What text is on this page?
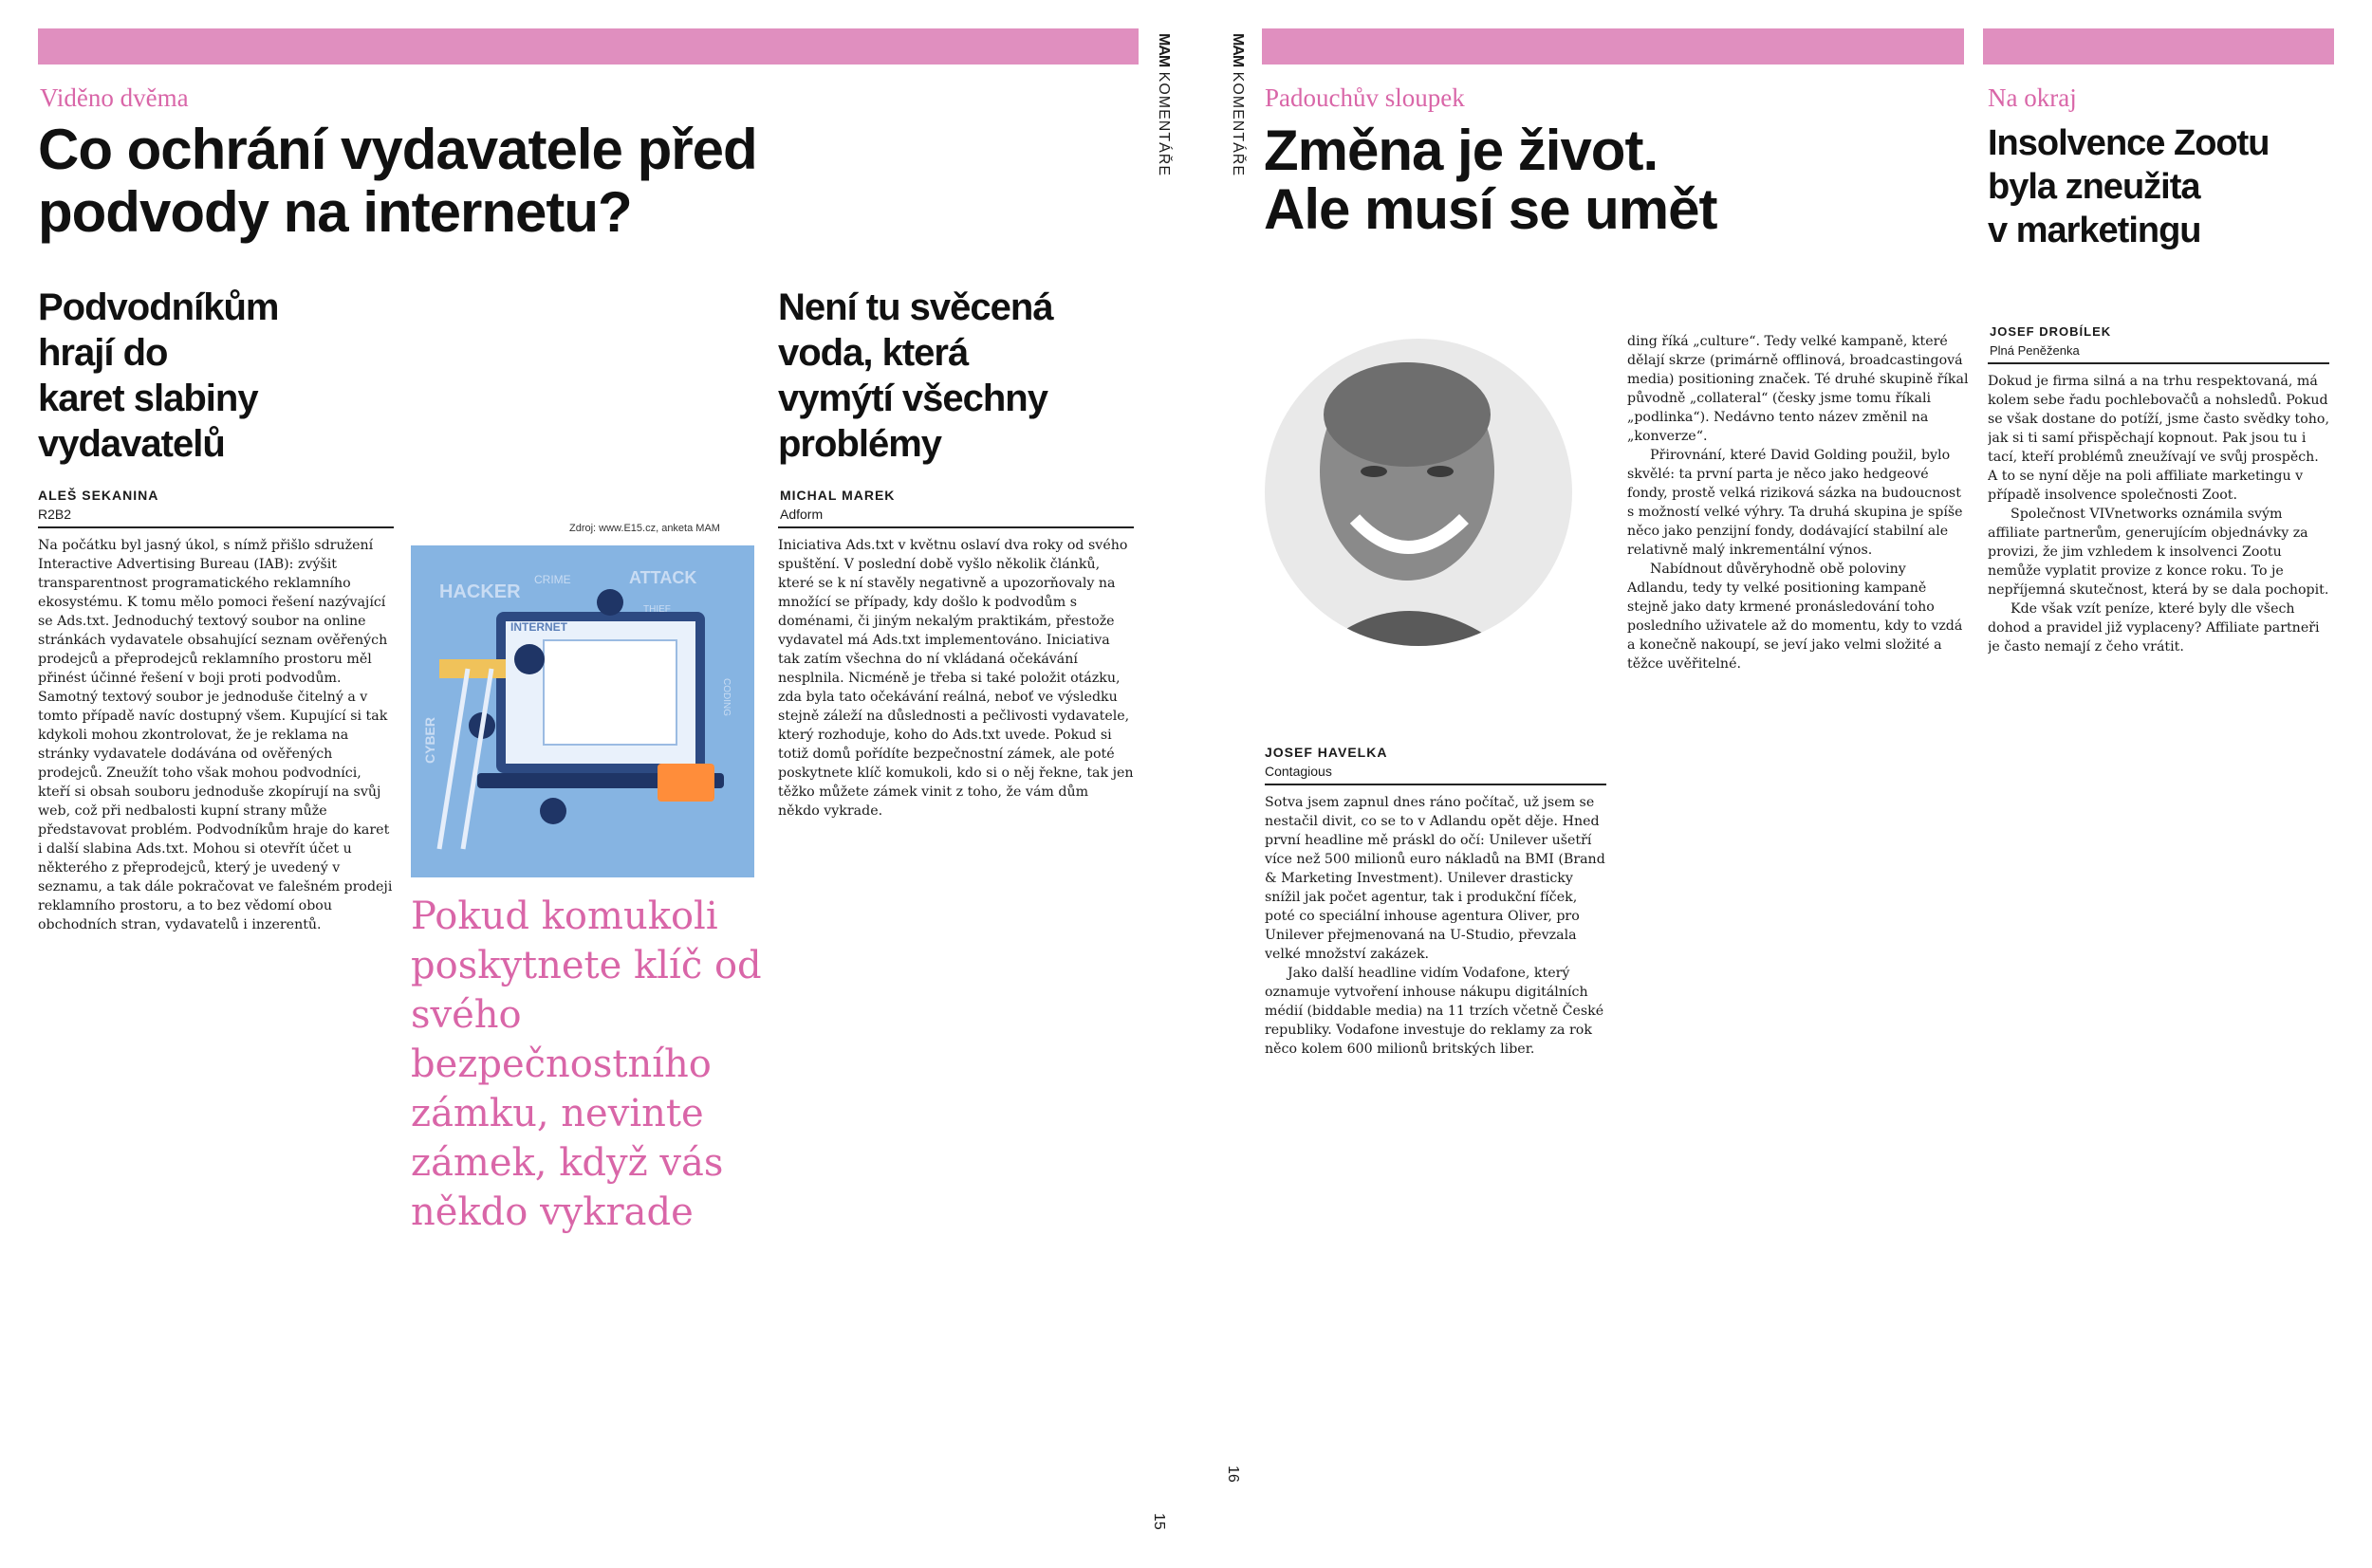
MAM KOMENTÁŘE
Viděno dvěma
Co ochrání vydavatele před
podvody na internetu?
Podvodníkům
hrají do
karet slabiny
vydavatelů
ALEŠ SEKANINA
R2B2

Na počátku byl jasný úkol, s nímž přišlo sdružení Interactive Advertising Bureau (IAB): zvýšit transparentnost programatického reklamního ekosystému. K tomu mělo pomoci řešení nazývající se Ads.txt. Jednoduchý textový soubor na online stránkách vydavatele obsahující seznam ověřených prodejců a přeprodejců reklamního prostoru měl přinést účinné řešení v boji proti podvodům. Samotný textový soubor je jednoduše čitelný a v tomto případě navíc dostupný všem. Kupující si tak kdykoli mohou zkontrolovat, že je reklama na stránky vydavatele dodávána od ověřených prodejců. Zneužít toho však mohou podvodníci, kteří si obsah souboru jednoduše zkopírují na svůj web, což při nedbalosti kupní strany může představovat problém. Podvodníkům hraje do karet i další slabina Ads.txt. Mohou si otevřít účet u některého z přeprodejců, který je uvedený v seznamu, a tak dále pokračovat ve falešném prodeji reklamního prostoru, a to bez vědomí obou obchodních stran, vydavatelů i inzerentů.

Zdroj: www.E15.cz, anketa MAM
HACKER
CRIME	ATTACK
INTERNET
CYBER
THIEF
CODING
Pokud komukoli poskytnete klíč od svého bezpečnostního zámku, nevinte zámek, když vás někdo vykrade
Není tu svěcená
voda, která
vymýtí všechny
problémy
MICHAL MAREK
Adform

Iniciativa Ads.txt v květnu oslaví dva roky od svého spuštění. V poslední době vyšlo několik článků, které se k ní stavěly negativně a upozorňovaly na množící se případy, kdy došlo k podvodům s doménami, či jiným nekalým praktikám, přestože vydavatel má Ads.txt implementováno. Iniciativa tak zatím všechna do ní vkládaná očekávání nesplnila. Nicméně je třeba si také položit otázku, zda byla tato očekávání reálná, neboť ve výsledku stejně záleží na důslednosti a pečlivosti vydavatele, který rozhoduje, koho do Ads.txt uvede. Pokud si totiž domů pořídíte bezpečnostní zámek, ale poté poskytnete klíč komukoli, kdo si o něj řekne, tak jen těžko můžete zámek vinit z toho, že vám dům někdo vykrade.

15
MAM KOMENTÁŘE Padouchův sloupek
Změna je život.
Ale musí se umět
JOSEF HAVELKA
Contagious

Sotva jsem zapnul dnes ráno počítač, už jsem se nestačil divit, co se to v Adlandu opět děje. Hned první headline mě práskl do očí: Unilever ušetří více než 500 milionů euro nákladů na BMI (Brand & Marketing Investment). Unilever drasticky snížil jak počet agentur, tak i produkční fíček, poté co speciální inhouse agentura Oliver, pro Unilever přejmenovaná na U-Studio, převzala velké množství zakázek.

Jako další headline vidím Vodafone, který oznamuje vytvoření inhouse nákupu digitálních médií (biddable media) na 11 trzích včetně České republiky. Vodafone investuje do reklamy za rok něco kolem 600 milionů britských liber.

ding říká „culture“. Tedy velké kampaně, které dělají skrze (primárně offlinová, broadcastingová media) positioning značek. Té druhé skupině říkal původně „collateral“ (česky jsme tomu říkali „podlinka“). Nedávno tento název změnil na „konverze“.

Přirovnání, které David Golding použil, bylo skvělé: ta první parta je něco jako hedgeové fondy, prostě velká riziková sázka na budoucnost s možností velké výhry. Ta druhá skupina je spíše něco jako penzijní fondy, dodávající stabilní ale relativně malý inkrementální výnos.

Nabídnout důvěryhodně obě poloviny Adlandu, tedy ty velké positioning kampaně stejně jako daty krmené pronásledování toho posledního uživatele až do momentu, kdy to vzdá a konečně nakoupí, se jeví jako velmi složité a těžce uvěřitelné.

Na okraj
Insolvence Zootu
byla zneužita
v marketingu
JOSEF DROBÍLEK
Plná Peněženka

Dokud je firma silná a na trhu respektovaná, má kolem sebe řadu pochlebovačů a nohsledů. Pokud se však dostane do potíží, jsme často svědky toho, jak si ti samí přispěchají kopnout. Pak jsou tu i tací, kteří problémů zneužívají ve svůj prospěch. A to se nyní děje na poli affiliate marketingu v případě insolvence společnosti Zoot.

Společnost VIVnetworks oznámila svým affiliate partnerům, generujícím objednávky za provizi, že jim vzhledem k insolvenci Zootu nemůže vyplatit provize z konce roku. To je nepříjemná skutečnost, která by se dala pochopit.

Kde však vzít peníze, které byly dle všech dohod a pravidel již vyplaceny? Affiliate partneři je často nemají z čeho vrátit.

16
